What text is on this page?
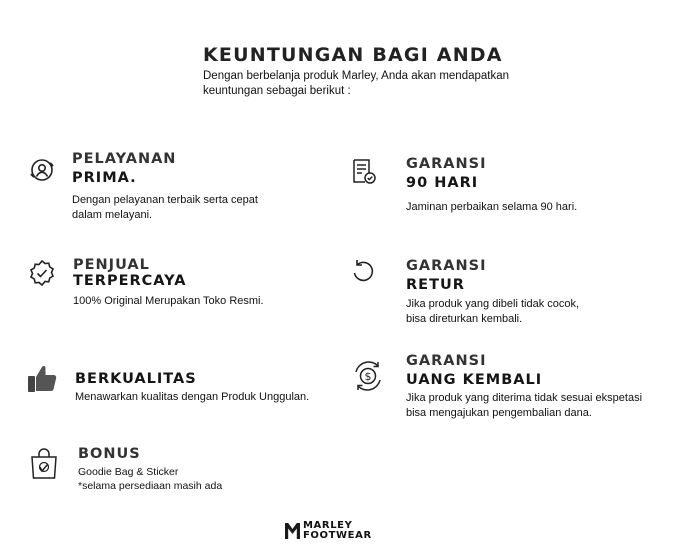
KEUNTUNGAN BAGI ANDA
Dengan berbelanja produk Marley, Anda akan mendapatkan keuntungan sebagai berikut :
PELAYANAN
PRIMA.
Dengan pelayanan terbaik serta cepat
dalam melayani.
GARANSI
90 HARI
Jaminan perbaikan selama 90 hari.
PENJUAL
TERPERCAYA
100% Original Merupakan Toko Resmi.
GARANSI
RETUR
Jika produk yang dibeli tidak cocok,
bisa direturkan kembali.
BERKUALITAS
Menawarkan kualitas dengan Produk Unggulan.
$
GARANSI
UANG KEMBALI
Jika produk yang diterima tidak sesuai ekspetasi
bisa mengajukan pengembalian dana.
BONUS
Goodie Bag & Sticker
*selama persediaan masih ada
MARLEY
FOOTWEAR
